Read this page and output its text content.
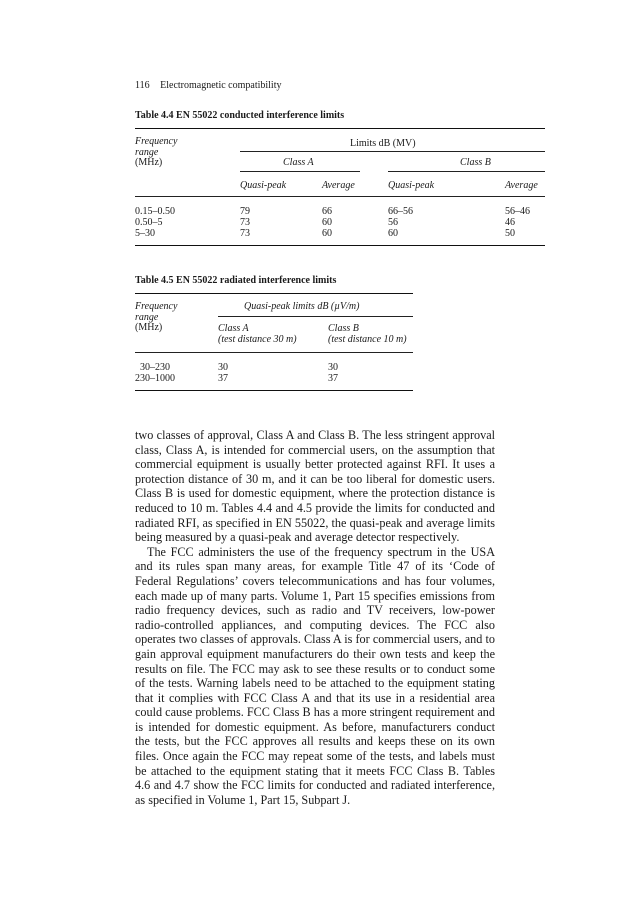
116 Electromagnetic compatibility
Table 4.4 EN 55022 conducted interference limits
Frequency
range
(MHz)
Limits dB (MV)
Class A	Class B
Quasi-peak	Average	Quasi-peak	Average
0.15–0.50	79	66	66–56	56–46
0.50–5	73	60	56	46
5–30	73	60	60	50
Table 4.5 EN 55022 radiated interference limits
Frequency
range
(MHz)
Quasi-peak limits dB (µV/m)
Class A
(test distance 30 m)
Class B
(test distance 10 m)
30–230	30	30
230–1000	37	37

two classes of approval, Class A and Class B. The less stringent approval class, Class A, is intended for commercial users, on the assumption that commercial equipment is usually better protected against RFI. It uses a protection distance of 30 m, and it can be too liberal for domestic users. Class B is used for domestic equipment, where the protection distance is reduced to 10 m. Tables 4.4 and 4.5 provide the limits for conducted and radiated RFI, as specified in EN 55022, the quasi-peak and average limits being measured by a quasi-peak and average detector respectively.

The FCC administers the use of the frequency spectrum in the USA and its rules span many areas, for example Title 47 of its ‘Code of Federal Regulations’ covers telecommunications and has four volumes, each made up of many parts. Volume 1, Part 15 specifies emissions from radio frequency devices, such as radio and TV receivers, low-power radio-controlled appliances, and computing devices. The FCC also operates two classes of approvals. Class A is for commercial users, and to gain approval equipment manufacturers do their own tests and keep the results on file. The FCC may ask to see these results or to conduct some of the tests. Warning labels need to be attached to the equipment stating that it complies with FCC Class A and that its use in a residential area could cause problems. FCC Class B has a more stringent requirement and is intended for domestic equipment. As before, manufacturers conduct the tests, but the FCC approves all results and keeps these on its own files. Once again the FCC may repeat some of the tests, and labels must be attached to the equipment stating that it meets FCC Class B. Tables 4.6 and 4.7 show the FCC limits for conducted and radiated interference, as specified in Volume 1, Part 15, Subpart J.
